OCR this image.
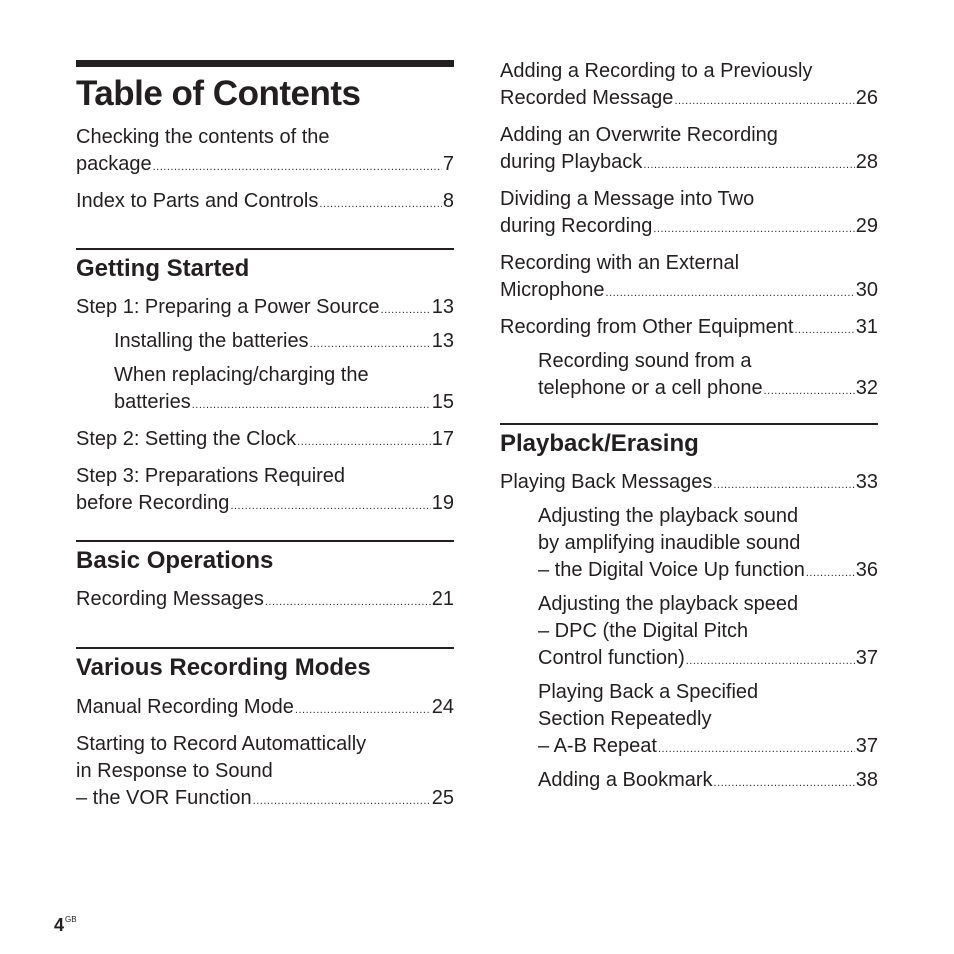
Table of Contents
Checking the contents of the
package .....	7
Index to Parts and Controls .....	8
Getting Started
Step 1: Preparing a Power Source .....	13
Installing the batteries .....	13
When replacing/charging the
batteries .....	15
Step 2: Setting the Clock .....	17
Step 3: Preparations Required
before Recording .....	19
Basic Operations
Recording Messages .....	21
Various Recording Modes
Manual Recording Mode .....	24
Starting to Record Automattically
in Response to Sound
– the VOR Function .....	25
Adding a Recording to a Previously
Recorded Message .....	26
Adding an Overwrite Recording
during Playback .....	28
Dividing a Message into Two
during Recording .....	29
Recording with an External
Microphone .....	30
Recording from Other Equipment .....	31
Recording sound from a
telephone or a cell phone .....	32
Playback/Erasing
Playing Back Messages .....	33
Adjusting the playback sound
by amplifying inaudible sound
– the Digital Voice Up function .....	36
Adjusting the playback speed
– DPC (the Digital Pitch
Control function) .....	37
Playing Back a Specified
Section Repeatedly
– A-B Repeat .....	37
Adding a Bookmark .....	38
$4^{GB}$
